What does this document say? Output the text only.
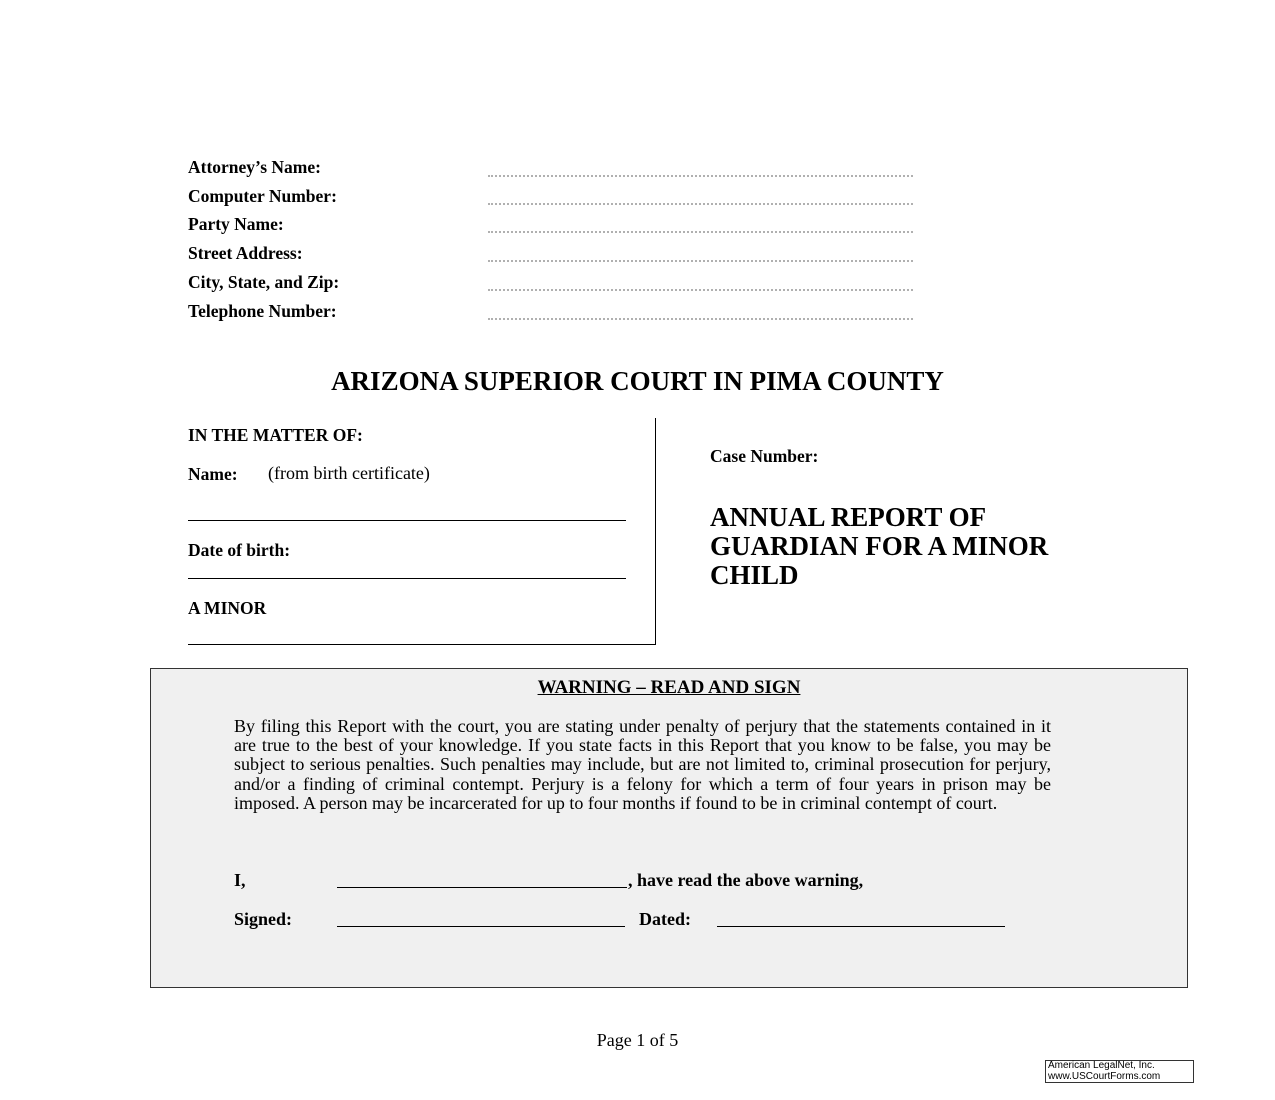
Attorney’s Name:
Computer Number:
Party Name:
Street Address:
City, State, and Zip:
Telephone Number:
ARIZONA SUPERIOR COURT IN PIMA COUNTY
IN THE MATTER OF:
Name: (from birth certificate)
Date of birth:
A MINOR
Case Number:
ANNUAL REPORT OF
GUARDIAN FOR A MINOR
CHILD
WARNING – READ AND SIGN
By filing this Report with the court, you are stating under penalty of perjury that the statements contained in it are true to the best of your knowledge. If you state facts in this Report that you know to be false, you may be subject to serious penalties. Such penalties may include, but are not limited to, criminal prosecution for perjury, and/or a finding of criminal contempt. Perjury is a felony for which a term of four years in prison may be imposed. A person may be incarcerated for up to four months if found to be in criminal contempt of court.
I,	, have read the above warning,
Signed:	Dated:
Page 1 of 5
American LegalNet, Inc.
www.USCourtForms.com
